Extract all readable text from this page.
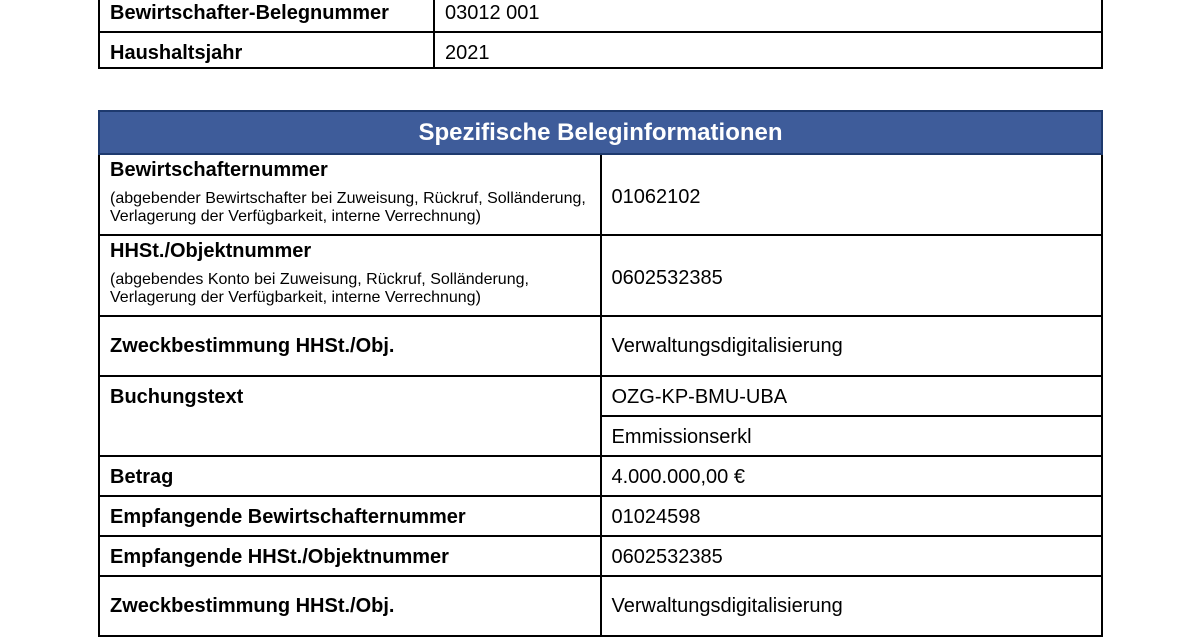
Bewirtschafter-Belegnummer	03012 001
Haushaltsjahr	2021
Spezifische Beleginformationen	
Bewirtschafternummer
(abgebender Bewirtschafter bei Zuweisung, Rückruf, Solländerung, Verlagerung der Verfügbarkeit, interne Verrechnung)	01062102
HHSt./Objektnummer
(abgebendes Konto bei Zuweisung, Rückruf, Solländerung, Verlagerung der Verfügbarkeit, interne Verrechnung)	0602532385
Zweckbestimmung HHSt./Obj.	Verwaltungsdigitalisierung
Buchungstext	OZG-KP-BMU-UBA
	Emmissionserkl
Betrag	4.000.000,00 €
Empfangende Bewirtschafternummer	01024598
Empfangende HHSt./Objektnummer	0602532385
Zweckbestimmung HHSt./Obj.	Verwaltungsdigitalisierung
